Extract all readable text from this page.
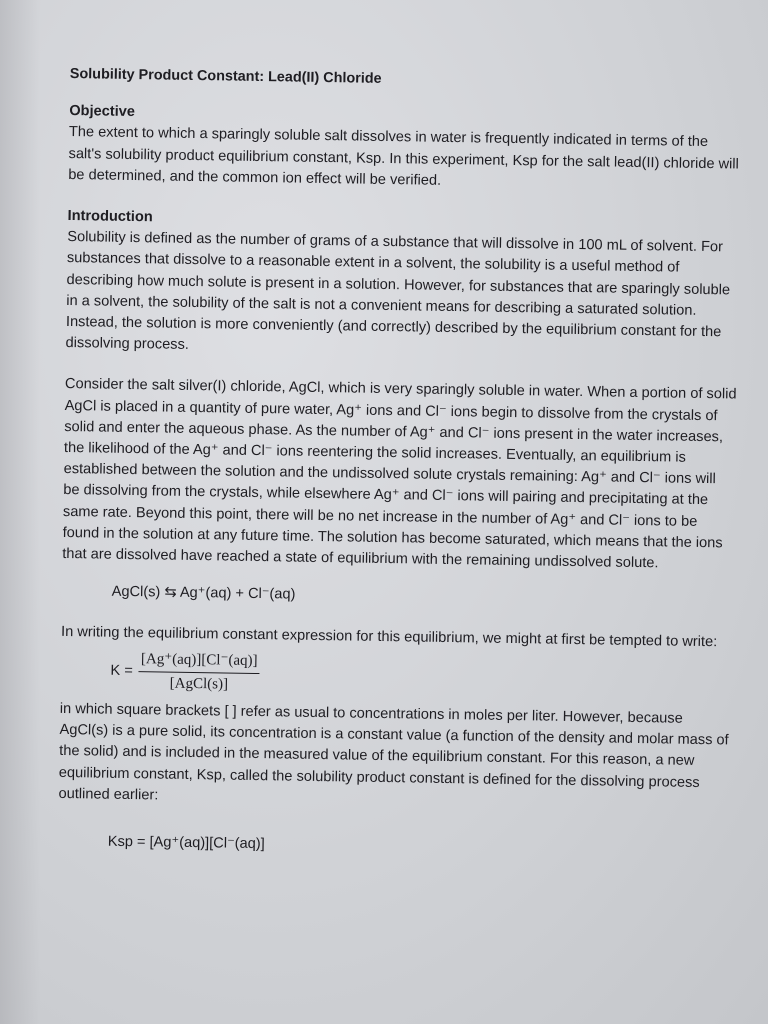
Solubility Product Constant: Lead(II) Chloride

Objective

The extent to which a sparingly soluble salt dissolves in water is frequently indicated in terms of the salt's solubility product equilibrium constant, Ksp. In this experiment, Ksp for the salt lead(II) chloride will be determined, and the common ion effect will be verified.

Introduction

Solubility is defined as the number of grams of a substance that will dissolve in 100 mL of solvent. For substances that dissolve to a reasonable extent in a solvent, the solubility is a useful method of describing how much solute is present in a solution. However, for substances that are sparingly soluble in a solvent, the solubility of the salt is not a convenient means for describing a saturated solution. Instead, the solution is more conveniently (and correctly) described by the equilibrium constant for the dissolving process.

Consider the salt silver(I) chloride, AgCl, which is very sparingly soluble in water. When a portion of solid AgCl is placed in a quantity of pure water, Ag⁺ ions and Cl⁻ ions begin to dissolve from the crystals of solid and enter the aqueous phase. As the number of Ag⁺ and Cl⁻ ions present in the water increases, the likelihood of the Ag⁺ and Cl⁻ ions reentering the solid increases. Eventually, an equilibrium is established between the solution and the undissolved solute crystals remaining: Ag⁺ and Cl⁻ ions will be dissolving from the crystals, while elsewhere Ag⁺ and Cl⁻ ions will pairing and precipitating at the same rate. Beyond this point, there will be no net increase in the number of Ag⁺ and Cl⁻ ions to be found in the solution at any future time. The solution has become saturated, which means that the ions that are dissolved have reached a state of equilibrium with the remaining undissolved solute.

AgCl(s) ⇆ Ag⁺(aq) + Cl⁻(aq)

In writing the equilibrium constant expression for this equilibrium, we might at first be tempted to write:

$K = \frac{[Ag^+(aq)][Cl^-(aq)]}{\text{[AgCl(s)]}}$

in which square brackets [ ] refer as usual to concentrations in moles per liter. However, because AgCl(s) is a pure solid, its concentration is a constant value (a function of the density and molar mass of the solid) and is included in the measured value of the equilibrium constant. For this reason, a new equilibrium constant, Ksp, called the solubility product constant is defined for the dissolving process outlined earlier:

Ksp = [Ag⁺(aq)][Cl⁻(aq)]
